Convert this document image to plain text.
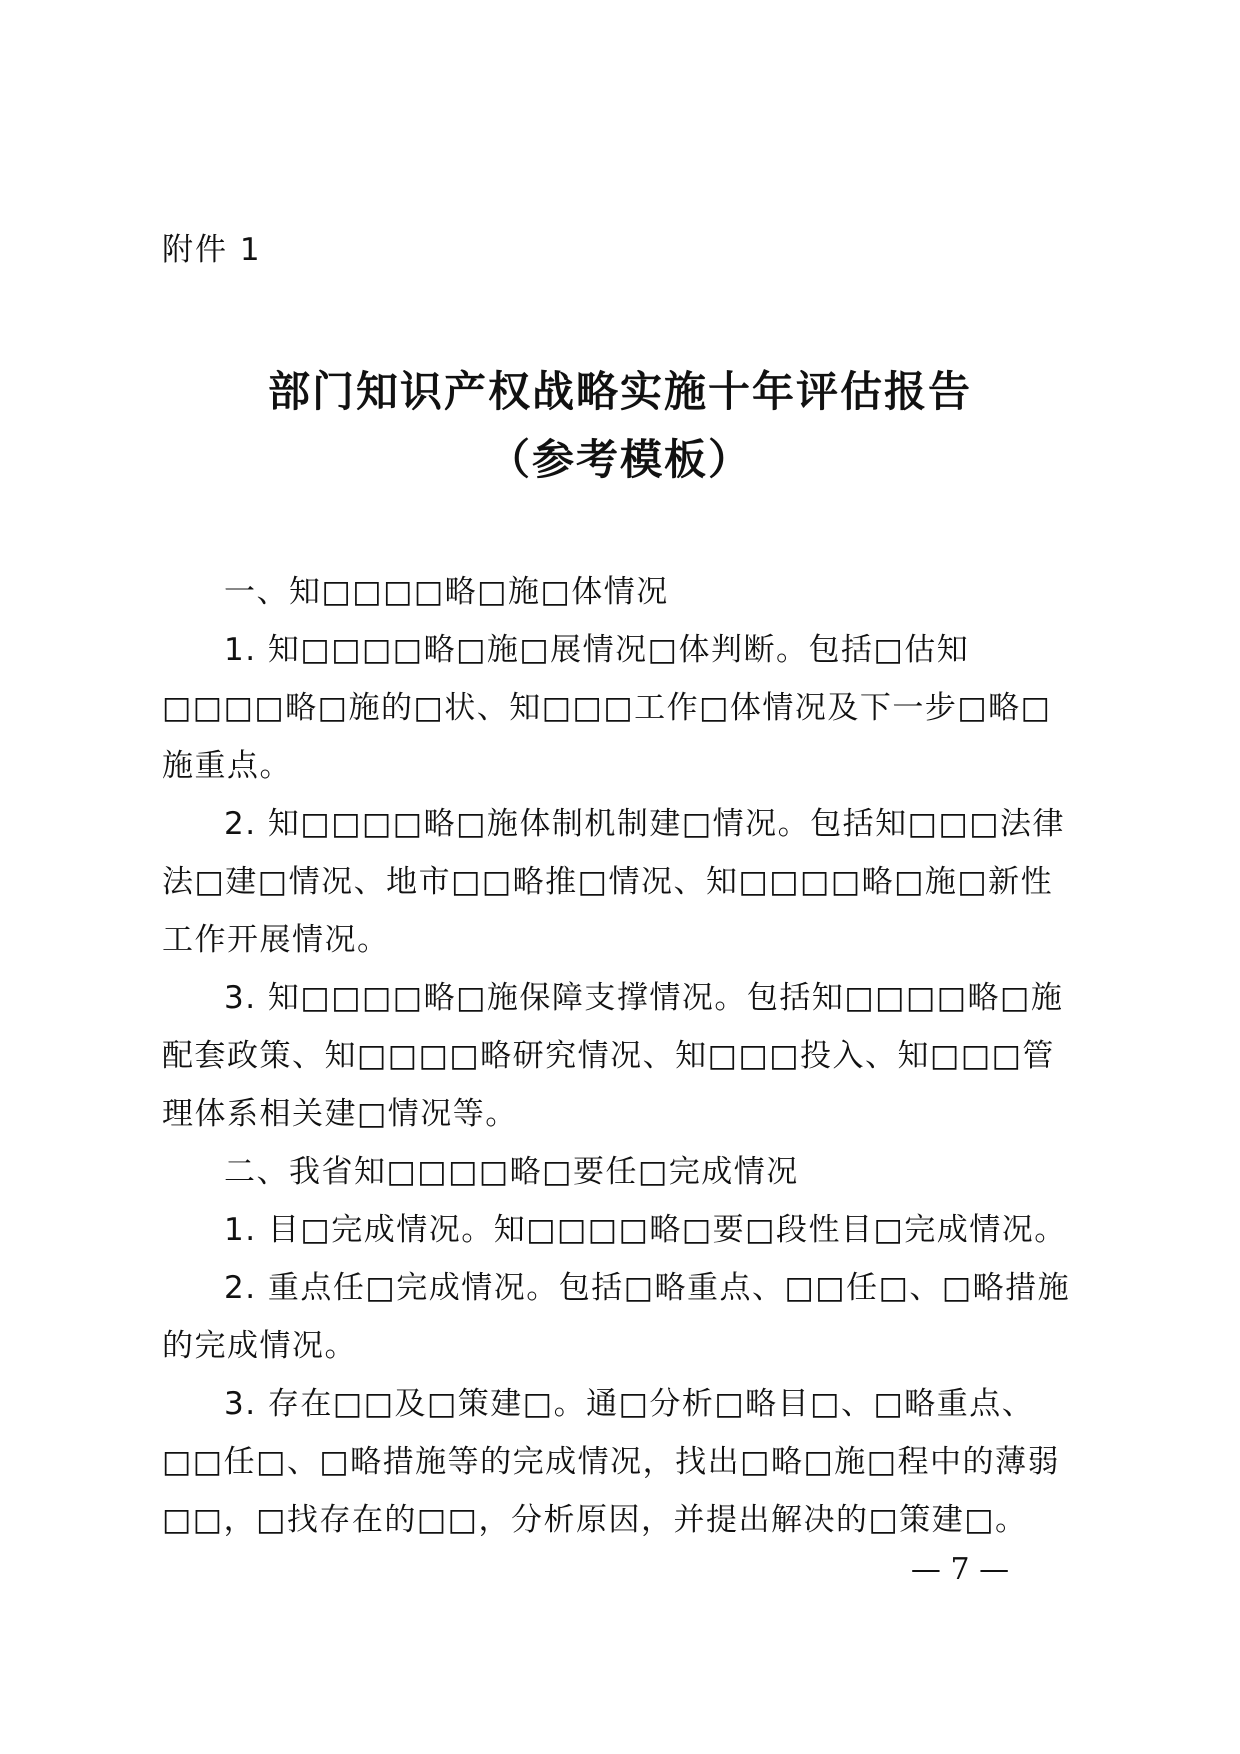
附件 1
部门知识产权战略实施十年评估报告
（参考模板）

一、知□□□□略□施□体情况

1. 知□□□□略□施□展情况□体判断。包括□估知□□□□略□施的□状、知□□□工作□体情况及下一步□略□施重点。

2. 知□□□□略□施体制机制建□情况。包括知□□□法律法□建□情况、地市□□略推□情况、知□□□□略□施□新性工作开展情况。

3. 知□□□□略□施保障支撑情况。包括知□□□□略□施配套政策、知□□□□略研究情况、知□□□投入、知□□□管理体系相关建□情况等。

二、我省知□□□□略□要任□完成情况

1. 目□完成情况。知□□□□略□要□段性目□完成情况。

2. 重点任□完成情况。包括□略重点、□□任□、□略措施的完成情况。

3. 存在□□及□策建□。通□分析□略目□、□略重点、□□任□、□略措施等的完成情况，找出□略□施□程中的薄弱□□，□找存在的□□，分析原因，并提出解决的□策建□。

— 7 —
